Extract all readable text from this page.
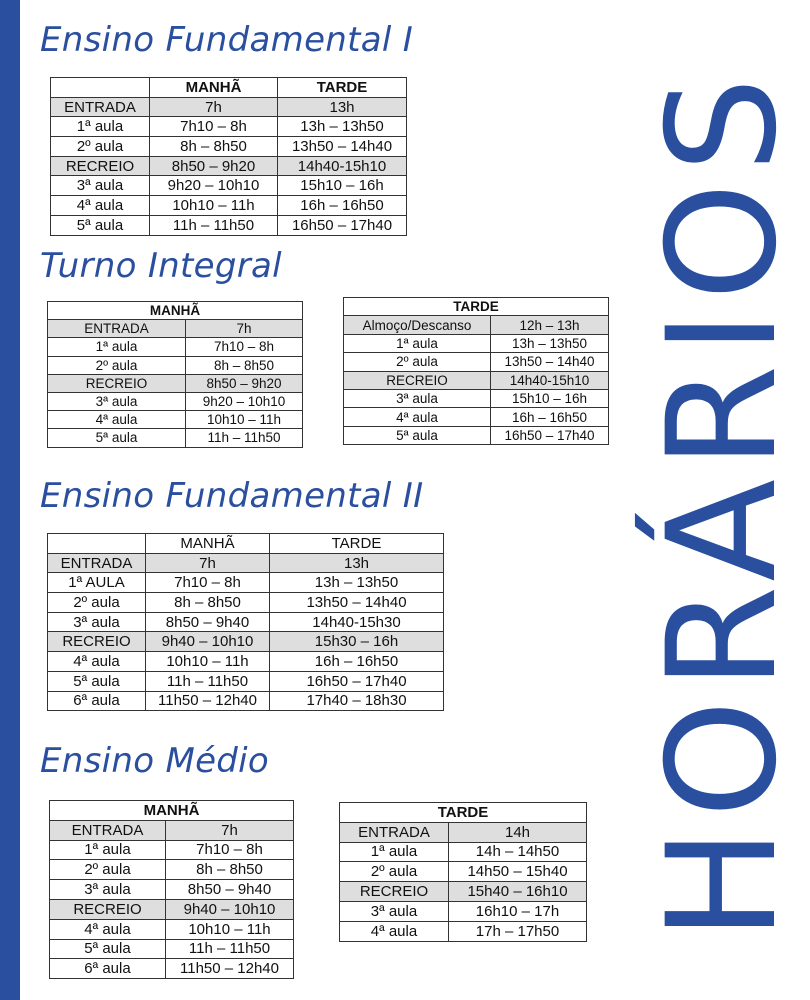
HORÁRIOS
Ensino Fundamental I
	MANHÃ	TARDE
ENTRADA	7h	13h
1ª aula	7h10 – 8h	13h – 13h50
2º aula	8h – 8h50	13h50 – 14h40
RECREIO	8h50 – 9h20	14h40-15h10
3ª aula	9h20 – 10h10	15h10 – 16h
4ª aula	10h10 – 11h	16h – 16h50
5ª aula	11h – 11h50	16h50 – 17h40
Turno Integral
MANHÃ	
ENTRADA	7h
1ª aula	7h10 – 8h
2º aula	8h – 8h50
RECREIO	8h50 – 9h20
3ª aula	9h20 – 10h10
4ª aula	10h10 – 11h
5ª aula	11h – 11h50
TARDE	
Almoço/Descanso	12h – 13h
1ª aula	13h – 13h50
2º aula	13h50 – 14h40
RECREIO	14h40-15h10
3ª aula	15h10 – 16h
4ª aula	16h – 16h50
5ª aula	16h50 – 17h40
Ensino Fundamental II
	MANHÃ	TARDE
ENTRADA	7h	13h
1ª AULA	7h10 – 8h	13h – 13h50
2º aula	8h – 8h50	13h50 – 14h40
3ª aula	8h50 – 9h40	14h40-15h30
RECREIO	9h40 – 10h10	15h30 – 16h
4ª aula	10h10 – 11h	16h – 16h50
5ª aula	11h – 11h50	16h50 – 17h40
6ª aula	11h50 – 12h40	17h40 – 18h30
Ensino Médio
MANHÃ	
ENTRADA	7h
1ª aula	7h10 – 8h
2º aula	8h – 8h50
3ª aula	8h50 – 9h40
RECREIO	9h40 – 10h10
4ª aula	10h10 – 11h
5ª aula	11h – 11h50
6ª aula	11h50 – 12h40
TARDE	
ENTRADA	14h
1ª aula	14h – 14h50
2º aula	14h50 – 15h40
RECREIO	15h40 – 16h10
3ª aula	16h10 – 17h
4ª aula	17h – 17h50
